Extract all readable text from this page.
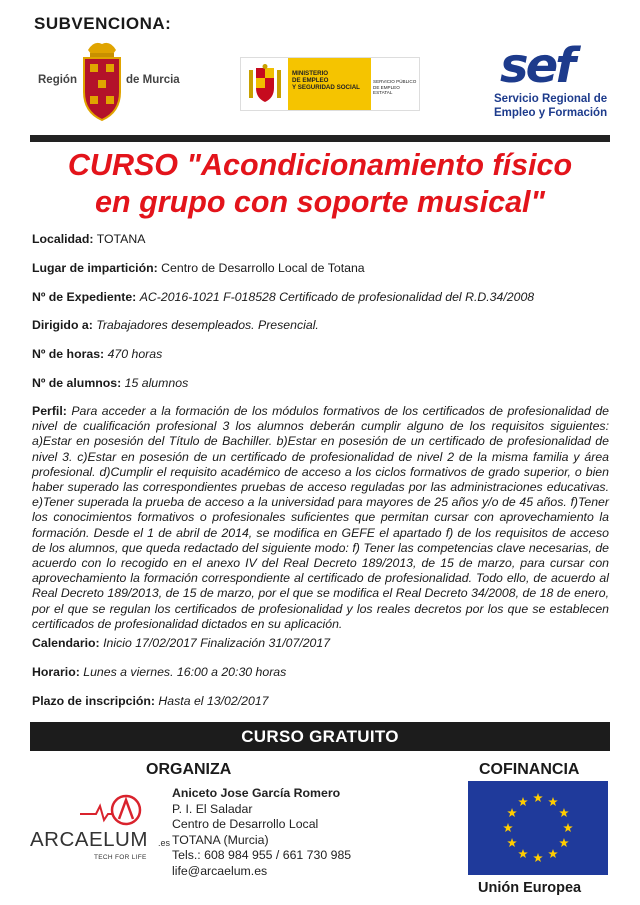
SUBVENCIONA:
Región	de Murcia
MINISTERIO
DE EMPLEO
Y SEGURIDAD SOCIAL
SERVICIO PÚBLICO
DE EMPLEO ESTATAL	sef
Servicio Regional de
Empleo y Formación
CURSO "Acondicionamiento físico
en grupo con soporte musical"
Localidad: TOTANA
Lugar de impartición: Centro de Desarrollo Local de Totana
Nº de Expediente: AC-2016-1021 F-018528 Certificado de profesionalidad del R.D.34/2008
Dirigido a: Trabajadores desempleados. Presencial.
Nº de horas: 470 horas
Nº de alumnos: 15 alumnos
Perfil: Para acceder a la formación de los módulos formativos de los certificados de profesionalidad de nivel de cualificación profesional 3 los alumnos deberán cumplir alguno de los requisitos siguientes: a)Estar en posesión del Título de Bachiller. b)Estar en posesión de un certificado de profesionalidad de nivel 3. c)Estar en posesión de un certificado de profesionalidad de nivel 2 de la misma familia y área profesional. d)Cumplir el requisito académico de acceso a los ciclos formativos de grado superior, o bien haber superado las correspondientes pruebas de acceso reguladas por las administraciones educativas. e)Tener superada la prueba de acceso a la universidad para mayores de 25 años y/o de 45 años. f)Tener los conocimientos formativos o profesionales suficientes que permitan cursar con aprovechamiento la formación. Desde el 1 de abril de 2014, se modifica en GEFE el apartado f) de los requisitos de acceso de los alumnos, que queda redactado del siguiente modo: f) Tener las competencias clave necesarias, de acuerdo con lo recogido en el anexo IV del Real Decreto 189/2013, de 15 de marzo, para cursar con aprovechamiento la formación correspondiente al certificado de profesionalidad. Todo ello, de acuerdo al Real Decreto 189/2013, de 15 de marzo, por el que se modifica el Real Decreto 34/2008, de 18 de enero, por el que se regulan los certificados de profesionalidad y los reales decretos por los que se establecen certificados de profesionalidad dictados en su aplicación.
Calendario: Inicio 17/02/2017 Finalización 31/07/2017
Horario: Lunes a viernes. 16:00 a 20:30 horas
Plazo de inscripción: Hasta el 13/02/2017
CURSO GRATUITO
ORGANIZA	COFINANCIA
ARCAELUM .es
TECH FOR LIFE
Aniceto Jose García Romero
P. I. El Saladar
Centro de Desarrollo Local
TOTANA (Murcia)
Tels.: 608 984 955 / 661 730 985
life@arcaelum.es
Unión Europea
